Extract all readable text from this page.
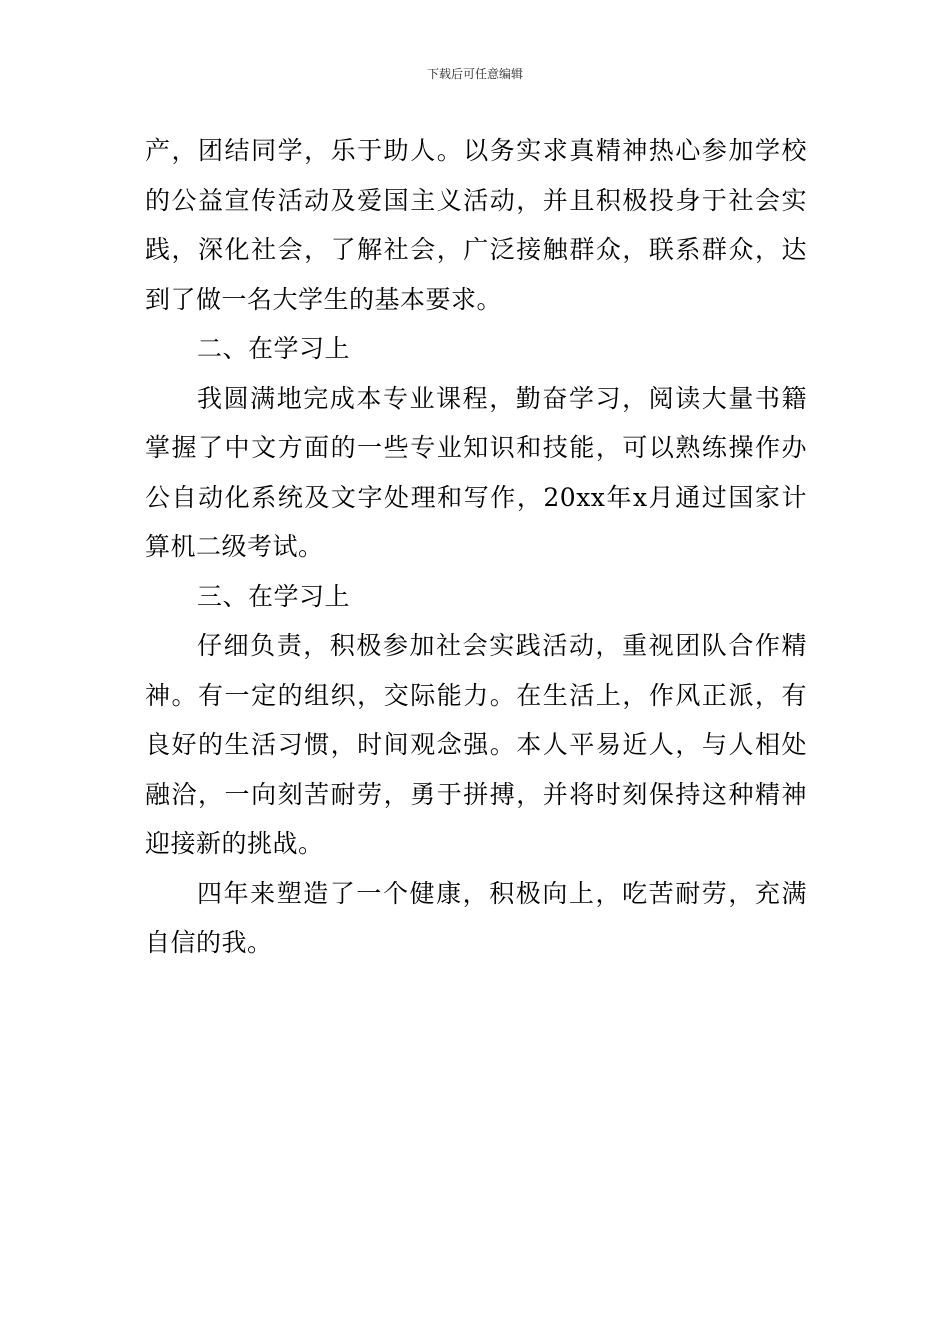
下载后可任意编辑

产，团结同学，乐于助人。以务实求真精神热心参加学校的公益宣传活动及爱国主义活动，并且积极投身于社会实践，深化社会，了解社会，广泛接触群众，联系群众，达到了做一名大学生的基本要求。

二、在学习上

我圆满地完成本专业课程，勤奋学习，阅读大量书籍掌握了中文方面的一些专业知识和技能，可以熟练操作办公自动化系统及文字处理和写作，20xx年x月通过国家计算机二级考试。

三、在学习上

仔细负责，积极参加社会实践活动，重视团队合作精神。有一定的组织，交际能力。在生活上，作风正派，有良好的生活习惯，时间观念强。本人平易近人，与人相处融洽，一向刻苦耐劳，勇于拼搏，并将时刻保持这种精神迎接新的挑战。

四年来塑造了一个健康，积极向上，吃苦耐劳，充满自信的我。
